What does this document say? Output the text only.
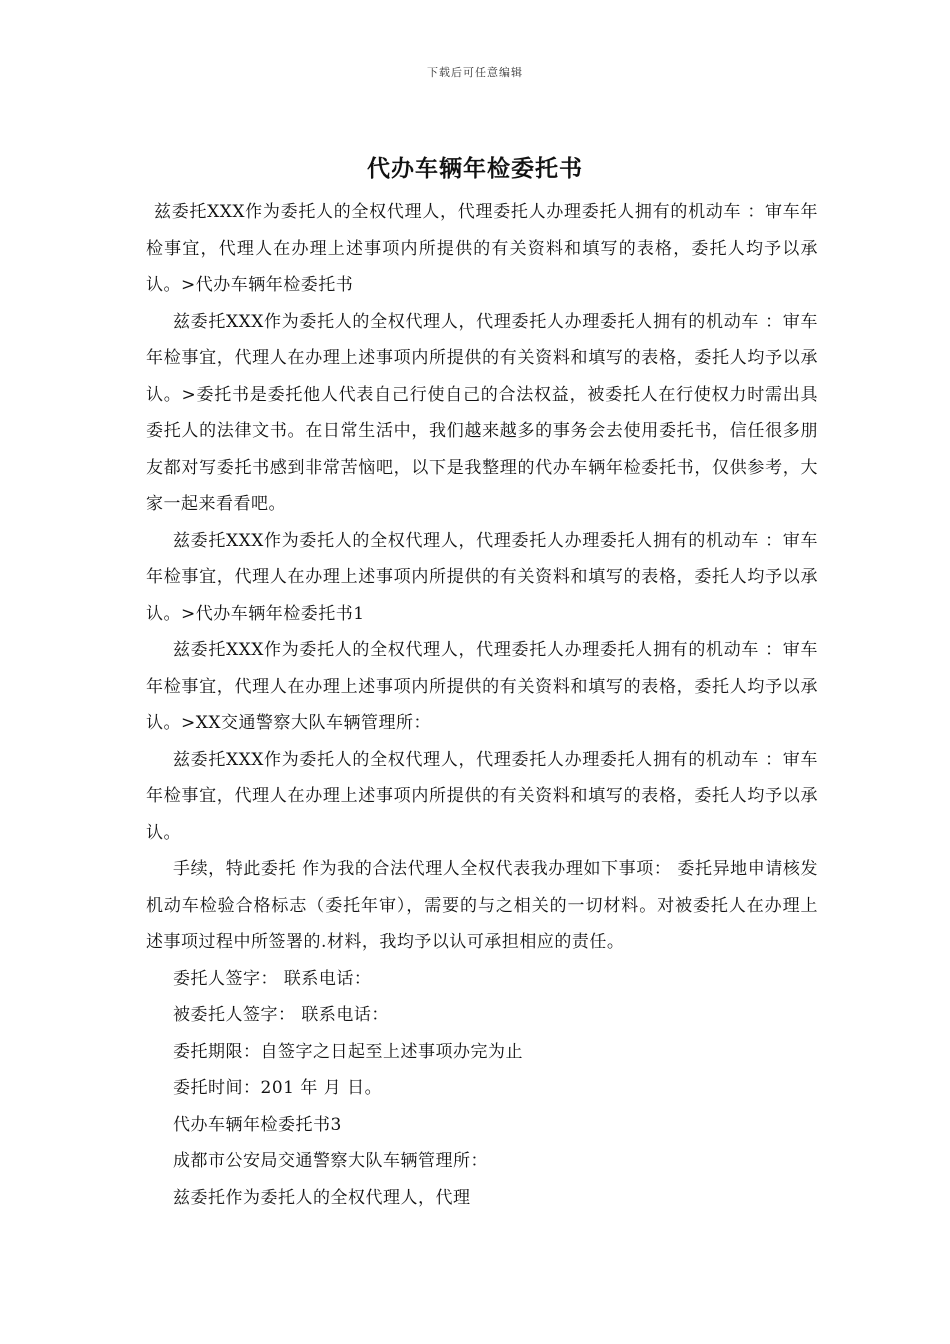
下载后可任意编辑
代办车辆年检委托书

兹委托XXX作为委托人的全权代理人，代理委托人办理委托人拥有的机动车 ：审车年检事宜，代理人在办理上述事项内所提供的有关资料和填写的表格，委托人均予以承认。>代办车辆年检委托书

兹委托XXX作为委托人的全权代理人，代理委托人办理委托人拥有的机动车 ：审车年检事宜，代理人在办理上述事项内所提供的有关资料和填写的表格，委托人均予以承认。>委托书是委托他人代表自己行使自己的合法权益，被委托人在行使权力时需出具委托人的法律文书。在日常生活中，我们越来越多的事务会去使用委托书，信任很多朋友都对写委托书感到非常苦恼吧，以下是我整理的代办车辆年检委托书，仅供参考，大家一起来看看吧。

兹委托XXX作为委托人的全权代理人，代理委托人办理委托人拥有的机动车 ：审车年检事宜，代理人在办理上述事项内所提供的有关资料和填写的表格，委托人均予以承认。>代办车辆年检委托书1

兹委托XXX作为委托人的全权代理人，代理委托人办理委托人拥有的机动车 ：审车年检事宜，代理人在办理上述事项内所提供的有关资料和填写的表格，委托人均予以承认。>XX交通警察大队车辆管理所：

兹委托XXX作为委托人的全权代理人，代理委托人办理委托人拥有的机动车 ：审车年检事宜，代理人在办理上述事项内所提供的有关资料和填写的表格，委托人均予以承认。

手续，特此委托 作为我的合法代理人全权代表我办理如下事项： 委托异地申请核发机动车检验合格标志（委托年审），需要的与之相关的一切材料。对被委托人在办理上述事项过程中所签署的.材料，我均予以认可承担相应的责任。

委托人签字： 联系电话：

被委托人签字： 联系电话：

委托期限：自签字之日起至上述事项办完为止

委托时间：201 年 月 日。

代办车辆年检委托书3

成都市公安局交通警察大队车辆管理所：

兹委托作为委托人的全权代理人，代理
